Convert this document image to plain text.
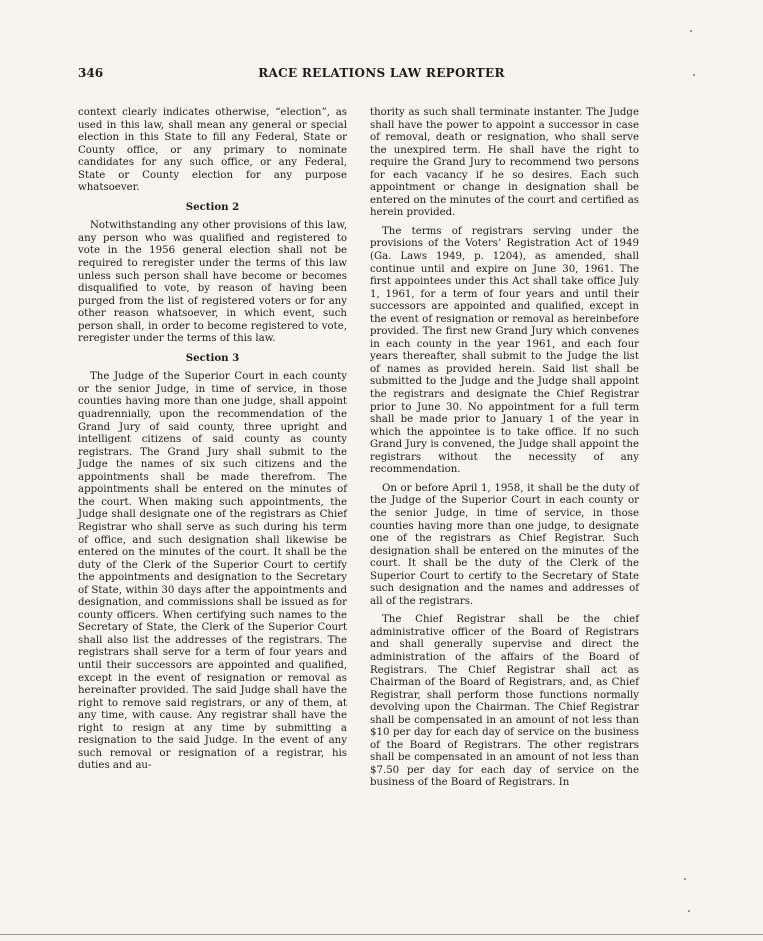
346	RACE RELATIONS LAW REPORTER

context clearly indicates otherwise, “election”, as used in this law, shall mean any general or special election in this State to fill any Federal, State or County office, or any primary to nominate candidates for any such office, or any Federal, State or County election for any purpose whatsoever.

Section 2

Notwithstanding any other provisions of this law, any person who was qualified and registered to vote in the 1956 general election shall not be required to reregister under the terms of this law unless such person shall have become or becomes disqualified to vote, by reason of having been purged from the list of registered voters or for any other reason whatsoever, in which event, such person shall, in order to become registered to vote, reregister under the terms of this law.

Section 3

The Judge of the Superior Court in each county or the senior Judge, in time of service, in those counties having more than one judge, shall appoint quadrennially, upon the recommendation of the Grand Jury of said county, three upright and intelligent citizens of said county as county registrars. The Grand Jury shall submit to the Judge the names of six such citizens and the appointments shall be made therefrom. The appointments shall be entered on the minutes of the court. When making such appointments, the Judge shall designate one of the registrars as Chief Registrar who shall serve as such during his term of office, and such designation shall likewise be entered on the minutes of the court. It shall be the duty of the Clerk of the Superior Court to certify the appointments and designation to the Secretary of State, within 30 days after the appointments and designation, and commissions shall be issued as for county officers. When certifying such names to the Secretary of State, the Clerk of the Superior Court shall also list the addresses of the registrars. The registrars shall serve for a term of four years and until their successors are appointed and qualified, except in the event of resignation or removal as hereinafter provided. The said Judge shall have the right to remove said registrars, or any of them, at any time, with cause. Any registrar shall have the right to resign at any time by submitting a resignation to the said Judge. In the event of any such removal or resignation of a registrar, his duties and au-

thority as such shall terminate instanter. The Judge shall have the power to appoint a successor in case of removal, death or resignation, who shall serve the unexpired term. He shall have the right to require the Grand Jury to recommend two persons for each vacancy if he so desires. Each such appointment or change in designation shall be entered on the minutes of the court and certified as herein provided.

The terms of registrars serving under the provisions of the Voters’ Registration Act of 1949 (Ga. Laws 1949, p. 1204), as amended, shall continue until and expire on June 30, 1961. The first appointees under this Act shall take office July 1, 1961, for a term of four years and until their successors are appointed and qualified, except in the event of resignation or removal as hereinbefore provided. The first new Grand Jury which convenes in each county in the year 1961, and each four years thereafter, shall submit to the Judge the list of names as provided herein. Said list shall be submitted to the Judge and the Judge shall appoint the registrars and designate the Chief Registrar prior to June 30. No appointment for a full term shall be made prior to January 1 of the year in which the appointee is to take office. If no such Grand Jury is convened, the Judge shall appoint the registrars without the necessity of any recommendation.

On or before April 1, 1958, it shall be the duty of the Judge of the Superior Court in each county or the senior Judge, in time of service, in those counties having more than one judge, to designate one of the registrars as Chief Registrar. Such designation shall be entered on the minutes of the court. It shall be the duty of the Clerk of the Superior Court to certify to the Secretary of State such designation and the names and addresses of all of the registrars.

The Chief Registrar shall be the chief administrative officer of the Board of Registrars and shall generally supervise and direct the administration of the affairs of the Board of Registrars. The Chief Registrar shall act as Chairman of the Board of Registrars, and, as Chief Registrar, shall perform those functions normally devolving upon the Chairman. The Chief Registrar shall be compensated in an amount of not less than $10 per day for each day of service on the business of the Board of Registrars. The other registrars shall be compensated in an amount of not less than $7.50 per day for each day of service on the business of the Board of Registrars. In
